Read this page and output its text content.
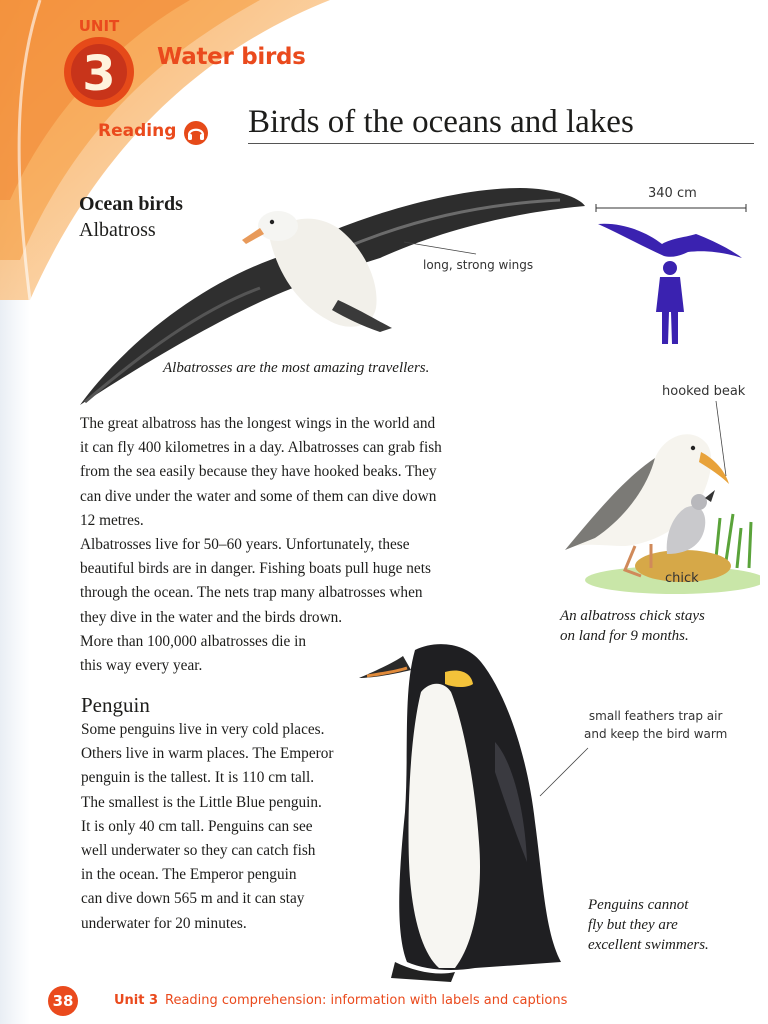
UNIT
3 Water birds
Reading Birds of the oceans and lakes
Ocean birds
Albatross
long, strong wings
340 cm
Albatrosses are the most amazing travellers.
The great albatross has the longest wings in the world and
it can fly 400 kilometres in a day. Albatrosses can grab fish
from the sea easily because they have hooked beaks. They
can dive under the water and some of them can dive down
12 metres.
Albatrosses live for 50–60 years. Unfortunately, these
beautiful birds are in danger. Fishing boats pull huge nets
through the ocean. The nets trap many albatrosses when
they dive in the water and the birds drown.
More than 100,000 albatrosses die in
this way every year.
hooked beak
chick
An albatross chick stays
on land for 9 months.
Penguin
Some penguins live in very cold places.
Others live in warm places. The Emperor
penguin is the tallest. It is 110 cm tall.
The smallest is the Little Blue penguin.
It is only 40 cm tall. Penguins can see
well underwater so they can catch fish
in the ocean. The Emperor penguin
can dive down 565 m and it can stay
underwater for 20 minutes.
small feathers trap air
and keep the bird warm
Penguins cannot
fly but they are
excellent swimmers.
38	Unit 3 Reading comprehension: information with labels and captions
